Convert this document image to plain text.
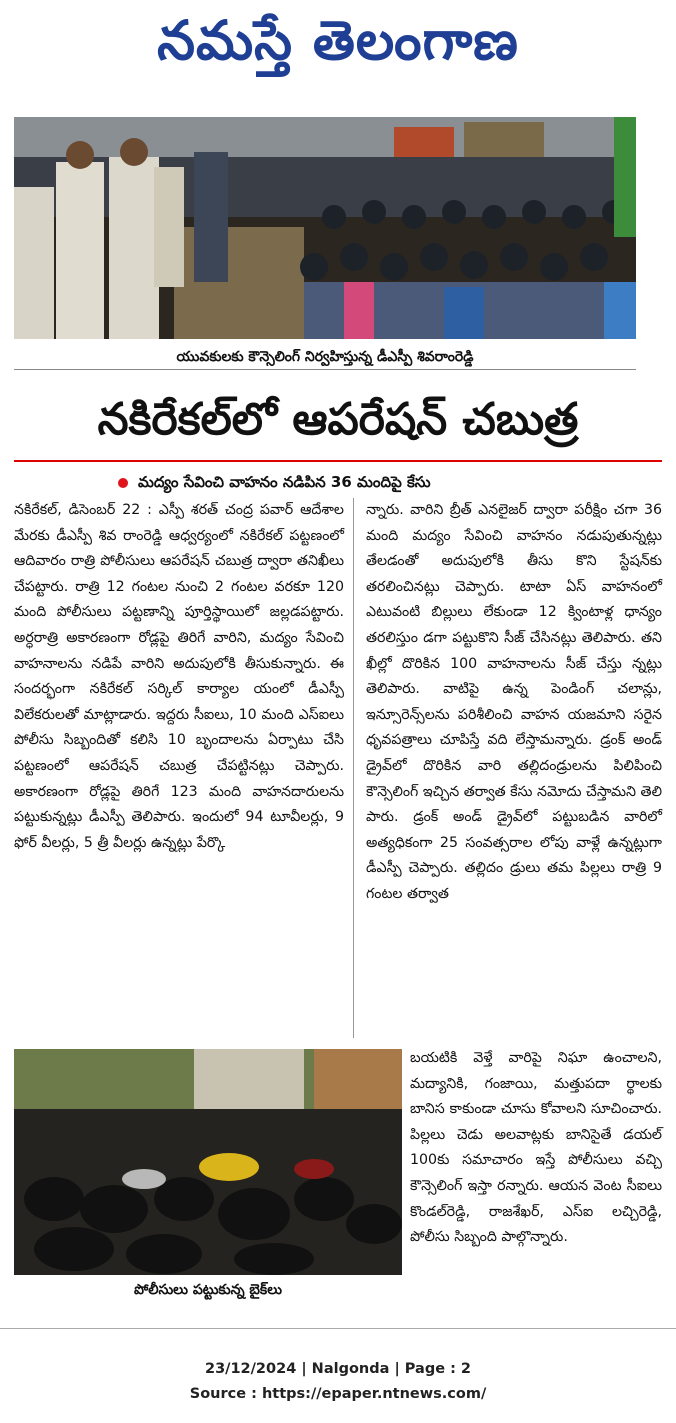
నమస్తే తెలంగాణ
యువకులకు కౌన్సెలింగ్ నిర్వహిస్తున్న డీఎస్పీ శివరాంరెడ్డి
నకిరేకల్‌లో ఆపరేషన్ చబుత్ర
మద్యం సేవించి వాహనం నడిపిన 36 మందిపై కేసు
నకిరేకల్, డిసెంబర్ 22 : ఎస్పీ శరత్ చంద్ర పవార్ ఆదేశాల మేరకు డీఎస్పీ శివ రాంరెడ్డి ఆధ్వర్యంలో నకిరేకల్ పట్టణంలో ఆదివారం రాత్రి పోలీసులు ఆపరేషన్ చబుత్ర ద్వారా తనిఖీలు చేపట్టారు. రాత్రి 12 గంటల నుంచి 2 గంటల వరకూ 120 మంది పోలీసులు పట్టణాన్ని పూర్తిస్థాయిలో జల్లడపట్టారు. అర్ధరాత్రి అకారణంగా రోడ్లపై తిరిగే వారిని, మద్యం సేవించి వాహనాలను నడిపే వారిని అదుపులోకి తీసుకున్నారు. ఈ సందర్భంగా నకిరేకల్ సర్కిల్ కార్యాల యంలో డీఎస్పీ విలేకరులతో మాట్లాడారు. ఇద్దరు సీఐలు, 10 మంది ఎస్ఐలు పోలీసు సిబ్బందితో కలిసి 10 బృందాలను ఏర్పాటు చేసి పట్టణంలో ఆపరేషన్ చబుత్ర చేపట్టినట్లు చెప్పారు. అకారణంగా రోడ్లపై తిరిగే 123 మంది వాహనదారులను పట్టుకున్నట్లు డీఎస్పీ తెలిపారు. ఇందులో 94 టూవీలర్లు, 9 ఫోర్ వీలర్లు, 5 త్రీ వీలర్లు ఉన్నట్లు పేర్కొ
న్నారు. వారిని బ్రీత్ ఎనలైజర్ ద్వారా పరీక్షిం చగా 36 మంది మద్యం సేవించి వాహనం నడుపుతున్నట్లు తేలడంతో అదుపులోకి తీసు కొని స్టేషన్‌కు తరలించినట్లు చెప్పారు. టాటా ఏస్ వాహనంలో ఎటువంటి బిల్లులు లేకుండా 12 క్వింటాళ్ల ధాన్యం తరలిస్తుం డగా పట్టుకొని సీజ్ చేసినట్లు తెలిపారు. తని ఖీల్లో దొరికిన 100 వాహనాలను సీజ్ చేస్తు న్నట్లు తెలిపారు. వాటిపై ఉన్న పెండింగ్ చలాన్లు, ఇన్సూరెన్స్‌లను పరిశీలించి వాహన యజమాని సరైన ధృవపత్రాలు చూపిస్తే వది లేస్తామన్నారు. డ్రంక్ అండ్ డ్రైవ్‌లో దొరికిన వారి తల్లిదండ్రులను పిలిపించి కౌన్సెలింగ్ ఇచ్చిన తర్వాత కేసు నమోదు చేస్తామని తెలి పారు. డ్రంక్ అండ్ డ్రైవ్‌లో పట్టుబడిన వారిలో అత్యధికంగా 25 సంవత్సరాల లోపు వాళ్లే ఉన్నట్లుగా డీఎస్పీ చెప్పారు. తల్లిదం డ్రులు తమ పిల్లలు రాత్రి 9 గంటల తర్వాత
పోలీసులు పట్టుకున్న బైక్‌లు
బయటికి వెళ్తే వారిపై నిఘా ఉంచాలని, మద్యానికి, గంజాయి, మత్తుపదా ర్థాలకు బానిస కాకుండా చూసు కోవాలని సూచించారు. పిల్లలు చెడు అలవాట్లకు బానిసైతే డయల్ 100కు సమాచారం ఇస్తే పోలీసులు వచ్చి కౌన్సెలింగ్ ఇస్తా రన్నారు. ఆయన వెంట సీఐలు కొండల్‌రెడ్డి, రాజశేఖర్, ఎస్ఐ లచ్చిరెడ్డి, పోలీసు సిబ్బంది పాల్గొన్నారు.
23/12/2024 | Nalgonda | Page : 2
Source : https://epaper.ntnews.com/
